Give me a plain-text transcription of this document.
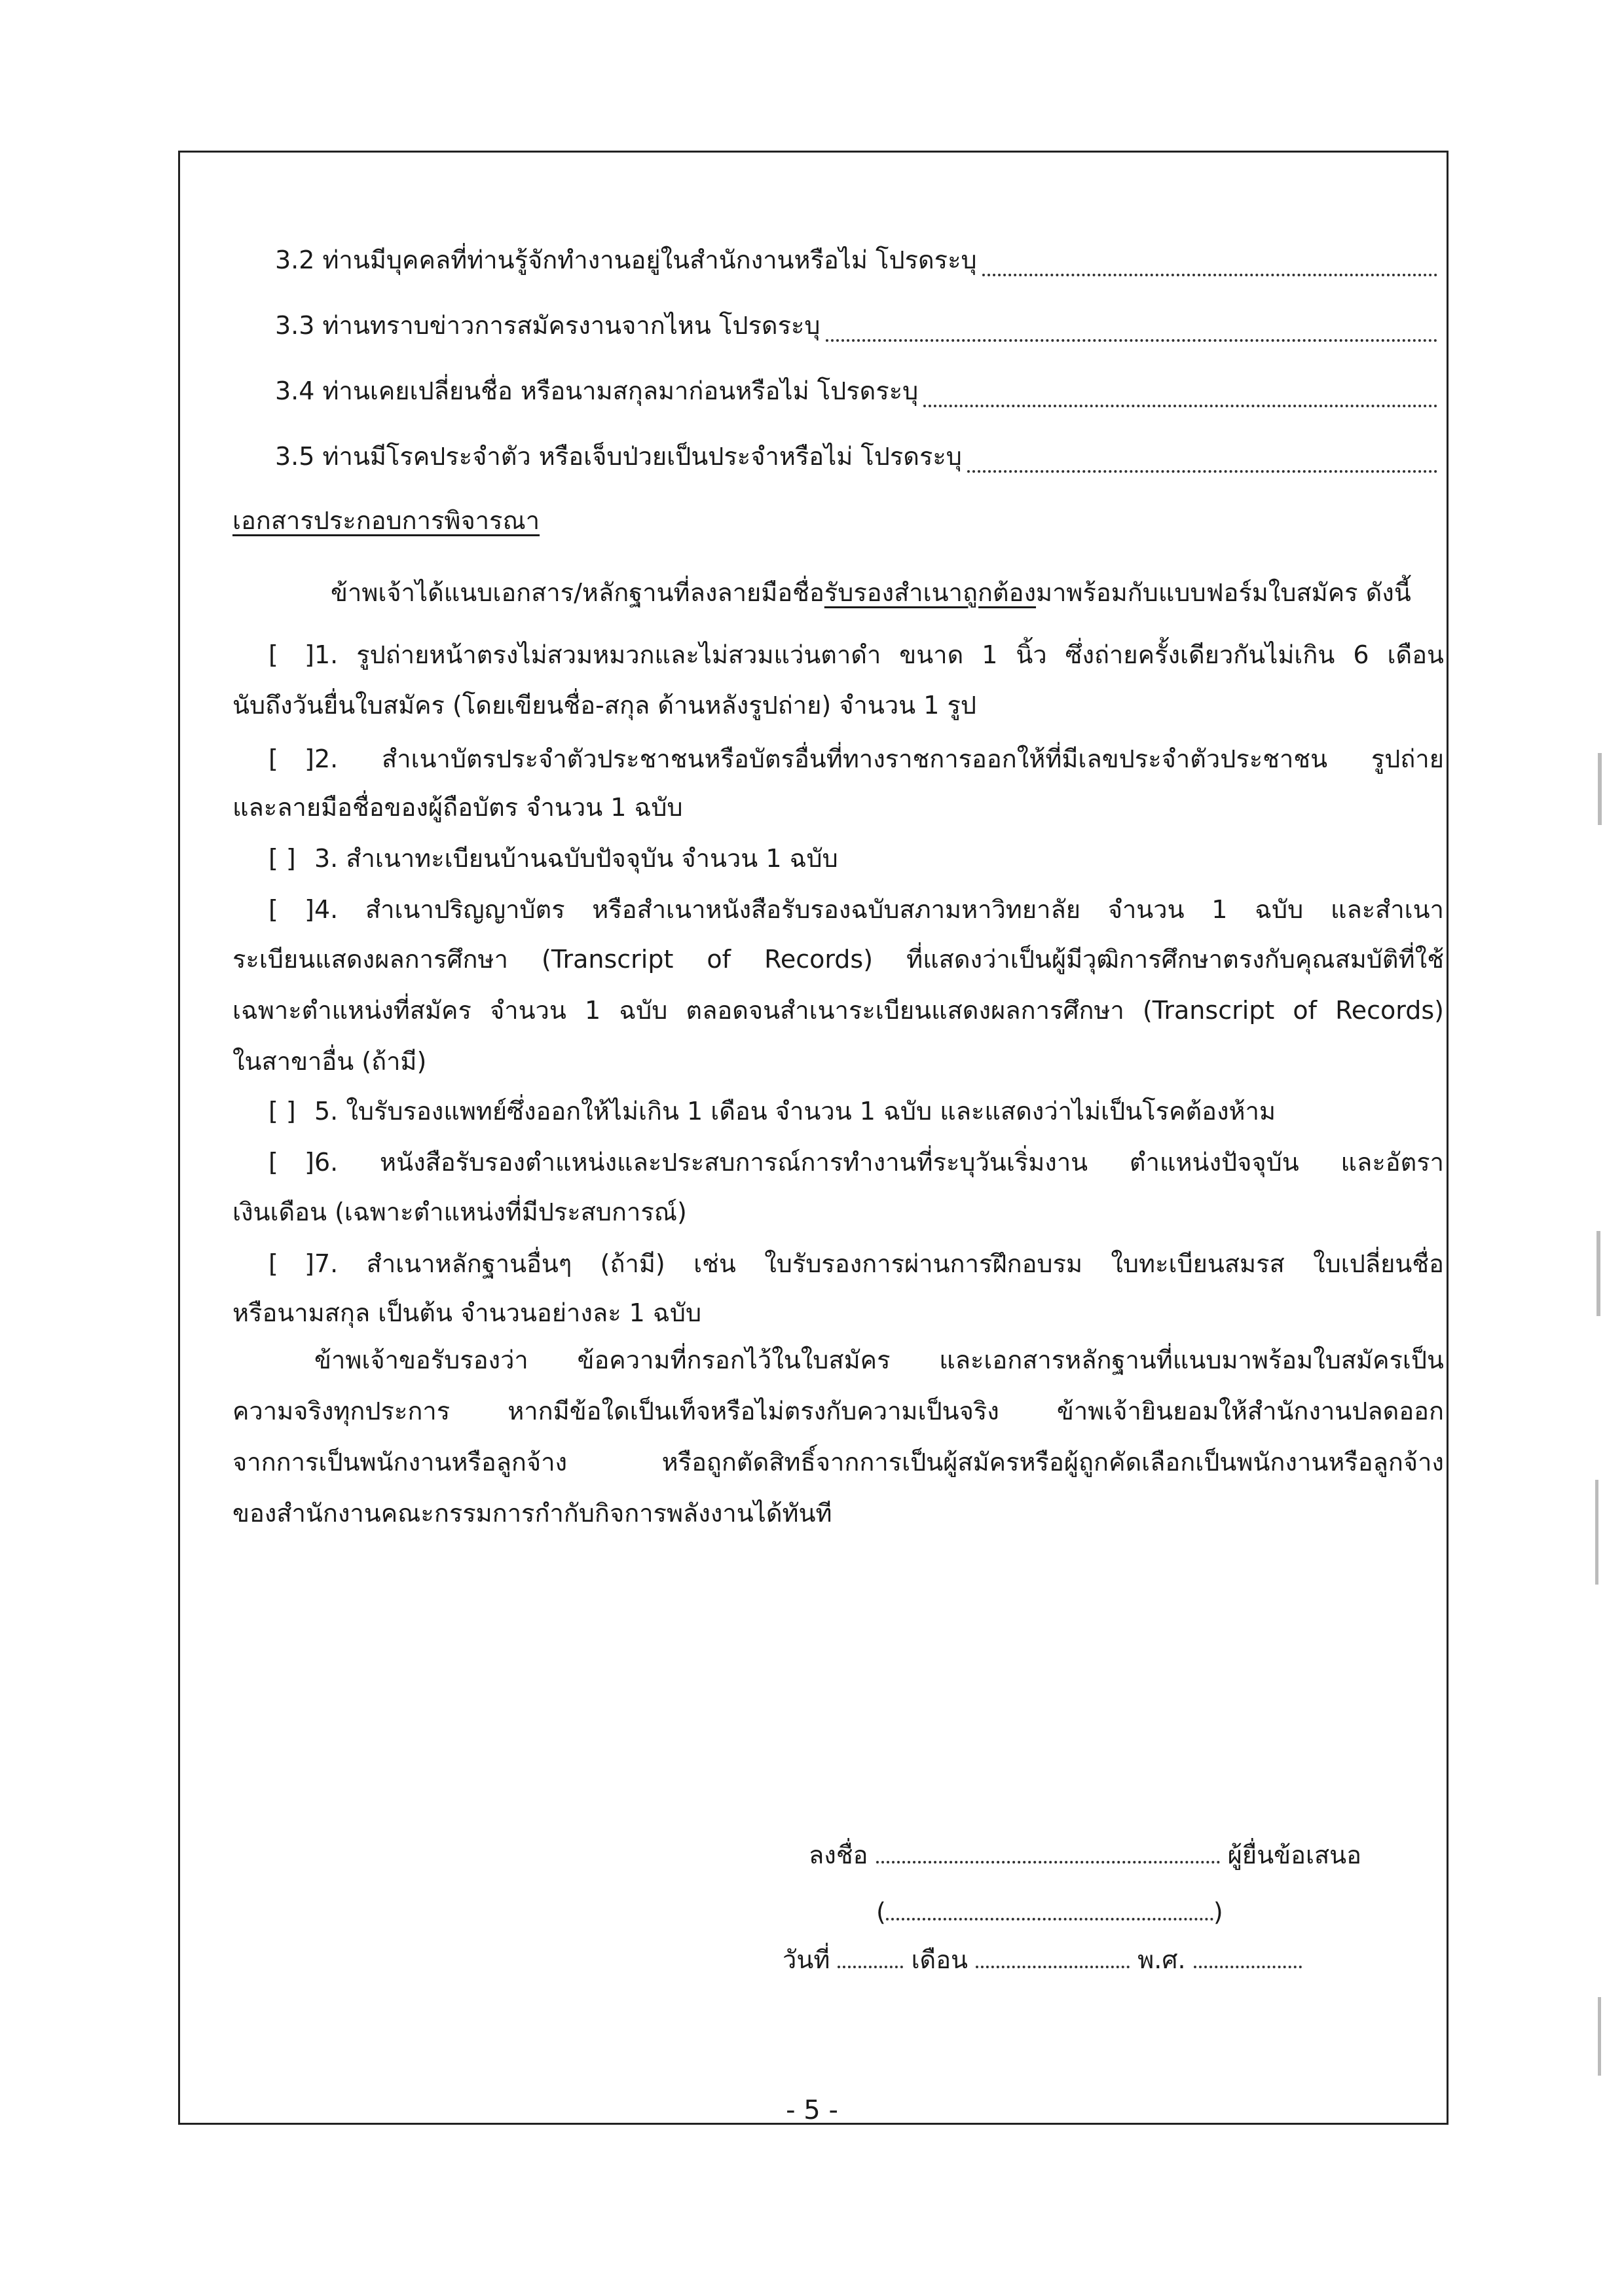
3.2 ท่านมีบุคคลที่ท่านรู้จักทำงานอยู่ในสำนักงานหรือไม่ โปรดระบุ
3.3 ท่านทราบข่าวการสมัครงานจากไหน โปรดระบุ
3.4 ท่านเคยเปลี่ยนชื่อ หรือนามสกุลมาก่อนหรือไม่ โปรดระบุ
3.5 ท่านมีโรคประจำตัว หรือเจ็บป่วยเป็นประจำหรือไม่ โปรดระบุ
เอกสารประกอบการพิจารณา
ข้าพเจ้าได้แนบเอกสาร/หลักฐานที่ลงลายมือชื่อรับรองสำเนาถูกต้องมาพร้อมกับแบบฟอร์มใบสมัคร ดังนี้
[ ]1. รูปถ่ายหน้าตรงไม่สวมหมวกและไม่สวมแว่นตาดำ ขนาด 1 นิ้ว ซึ่งถ่ายครั้งเดียวกันไม่เกิน 6 เดือน
นับถึงวันยื่นใบสมัคร (โดยเขียนชื่อ-สกุล ด้านหลังรูปถ่าย) จำนวน 1 รูป
[ ]2. สำเนาบัตรประจำตัวประชาชนหรือบัตรอื่นที่ทางราชการออกให้ที่มีเลขประจำตัวประชาชน รูปถ่าย
และลายมือชื่อของผู้ถือบัตร จำนวน 1 ฉบับ
[ ] 3. สำเนาทะเบียนบ้านฉบับปัจจุบัน จำนวน 1 ฉบับ
[ ]4. สำเนาปริญญาบัตร หรือสำเนาหนังสือรับรองฉบับสภามหาวิทยาลัย จำนวน 1 ฉบับ และสำเนา
ระเบียนแสดงผลการศึกษา (Transcript of Records) ที่แสดงว่าเป็นผู้มีวุฒิการศึกษาตรงกับคุณสมบัติที่ใช้
เฉพาะตำแหน่งที่สมัคร จำนวน 1 ฉบับ ตลอดจนสำเนาระเบียนแสดงผลการศึกษา (Transcript of Records)
ในสาขาอื่น (ถ้ามี)
[ ] 5. ใบรับรองแพทย์ซึ่งออกให้ไม่เกิน 1 เดือน จำนวน 1 ฉบับ และแสดงว่าไม่เป็นโรคต้องห้าม
[ ]6. หนังสือรับรองตำแหน่งและประสบการณ์การทำงานที่ระบุวันเริ่มงาน ตำแหน่งปัจจุบัน และอัตรา
เงินเดือน (เฉพาะตำแหน่งที่มีประสบการณ์)
[ ]7. สำเนาหลักฐานอื่นๆ (ถ้ามี) เช่น ใบรับรองการผ่านการฝึกอบรม ใบทะเบียนสมรส ใบเปลี่ยนชื่อ
หรือนามสกุล เป็นต้น จำนวนอย่างละ 1 ฉบับ
ข้าพเจ้าขอรับรองว่า ข้อความที่กรอกไว้ในใบสมัคร และเอกสารหลักฐานที่แนบมาพร้อมใบสมัครเป็น
ความจริงทุกประการ หากมีข้อใดเป็นเท็จหรือไม่ตรงกับความเป็นจริง ข้าพเจ้ายินยอมให้สำนักงานปลดออก
จากการเป็นพนักงานหรือลูกจ้าง หรือถูกตัดสิทธิ์จากการเป็นผู้สมัครหรือผู้ถูกคัดเลือกเป็นพนักงานหรือลูกจ้าง
ของสำนักงานคณะกรรมการกำกับกิจการพลังงานได้ทันที
ลงชื่อ	ผู้ยื่นข้อเสนอ
(	)
วันที่	เดือน	พ.ศ.
- 5 -
